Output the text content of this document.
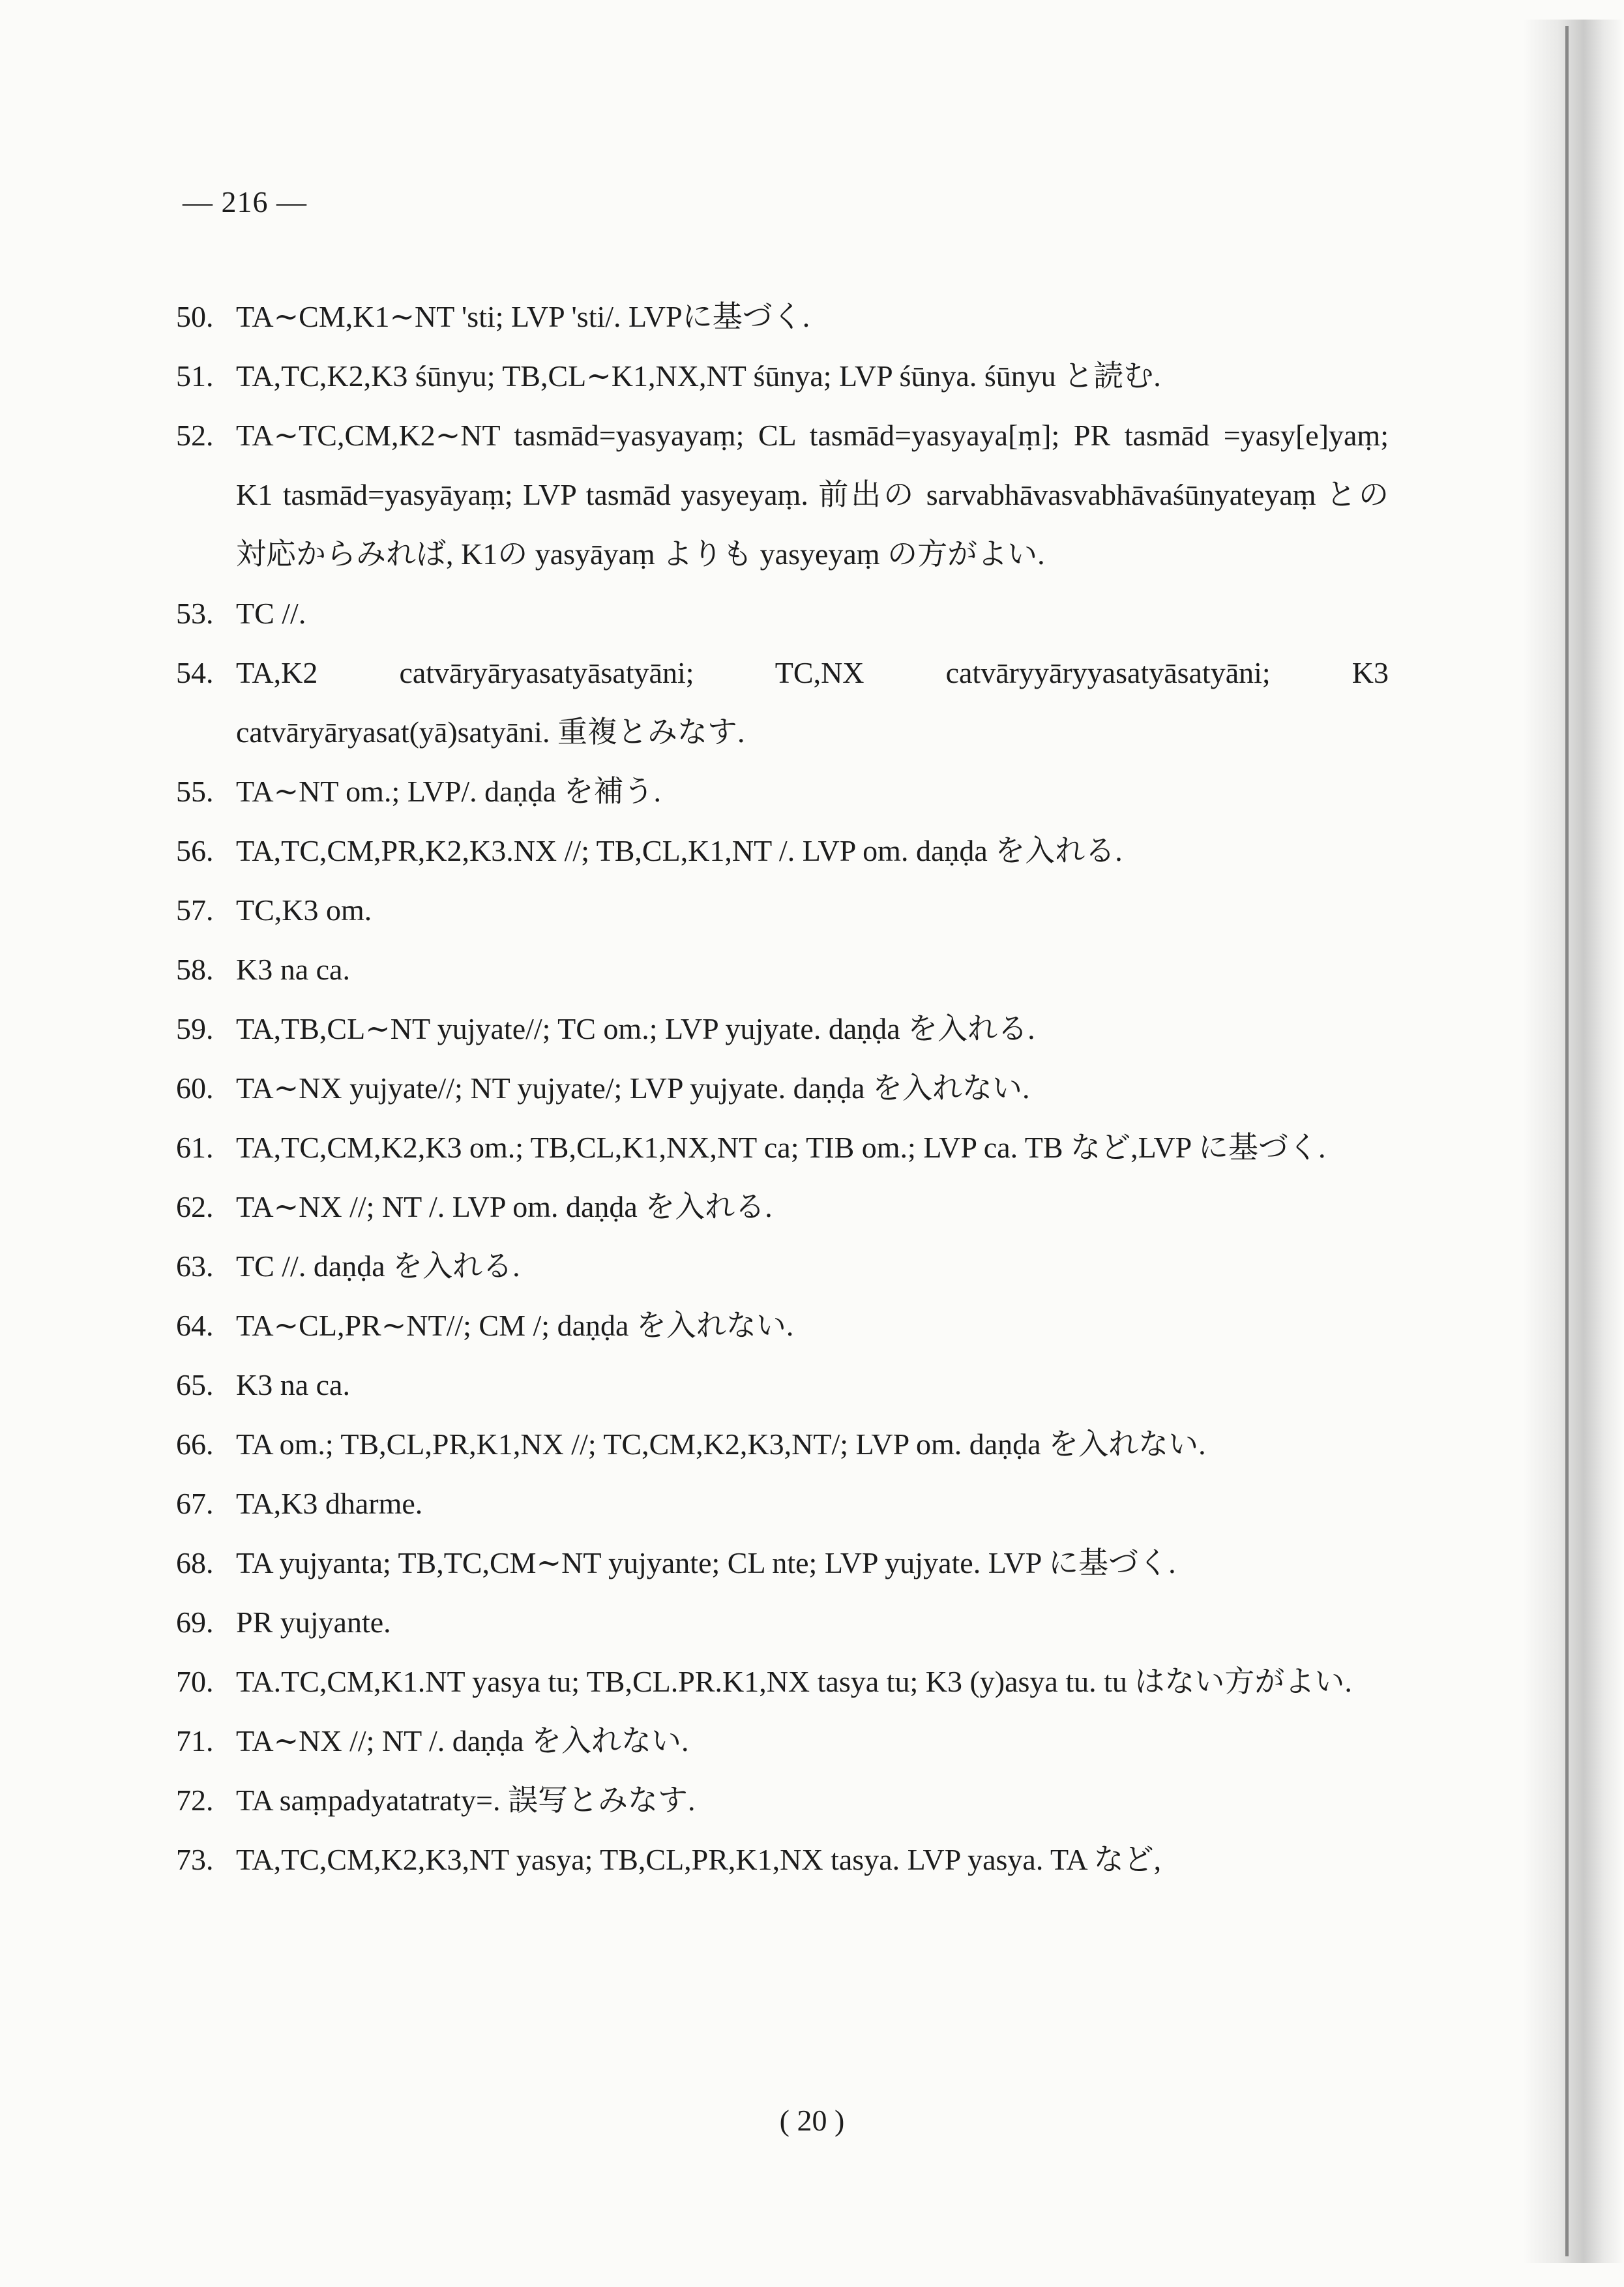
— 216 —
50. TA∼CM,K1∼NT 'sti; LVP 'sti/. LVPに基づく.
51. TA,TC,K2,K3 śūnyu; TB,CL∼K1,NX,NT śūnya; LVP śūnya. śūnyu と読む.
52. TA∼TC,CM,K2∼NT tasmād=yasyayaṃ; CL tasmād=yasyaya[ṃ]; PR tasmād =yasy[e]yaṃ; K1 tasmād=yasyāyaṃ; LVP tasmād yasyeyaṃ. 前出の sarvabhāvasvabhāvaśūnyateyaṃ との対応からみれば, K1の yasyāyaṃ よりも yasyeyaṃ の方がよい.
53. TC //.
54. TA,K2 catvāryāryasatyāsatyāni; TC,NX catvāryyāryyasatyāsatyāni; K3 catvāryāryasat(yā)satyāni. 重複とみなす.
55. TA∼NT om.; LVP/. daṇḍa を補う.
56. TA,TC,CM,PR,K2,K3.NX //; TB,CL,K1,NT /. LVP om. daṇḍa を入れる.
57. TC,K3 om.
58. K3 na ca.
59. TA,TB,CL∼NT yujyate//; TC om.; LVP yujyate. daṇḍa を入れる.
60. TA∼NX yujyate//; NT yujyate/; LVP yujyate. daṇḍa を入れない.
61. TA,TC,CM,K2,K3 om.; TB,CL,K1,NX,NT ca; TIB om.; LVP ca. TB など,LVP に基づく.
62. TA∼NX //; NT /. LVP om. daṇḍa を入れる.
63. TC //. daṇḍa を入れる.
64. TA∼CL,PR∼NT//; CM /; daṇḍa を入れない.
65. K3 na ca.
66. TA om.; TB,CL,PR,K1,NX //; TC,CM,K2,K3,NT/; LVP om. daṇḍa を入れない.
67. TA,K3 dharme.
68. TA yujyanta; TB,TC,CM∼NT yujyante; CL nte; LVP yujyate. LVP に基づく.
69. PR yujyante.
70. TA.TC,CM,K1.NT yasya tu; TB,CL.PR.K1,NX tasya tu; K3 (y)asya tu. tu はない方がよい.
71. TA∼NX //; NT /. daṇḍa を入れない.
72. TA saṃpadyatatraty=. 誤写とみなす.
73. TA,TC,CM,K2,K3,NT yasya; TB,CL,PR,K1,NX tasya. LVP yasya. TA など,
( 20 )
